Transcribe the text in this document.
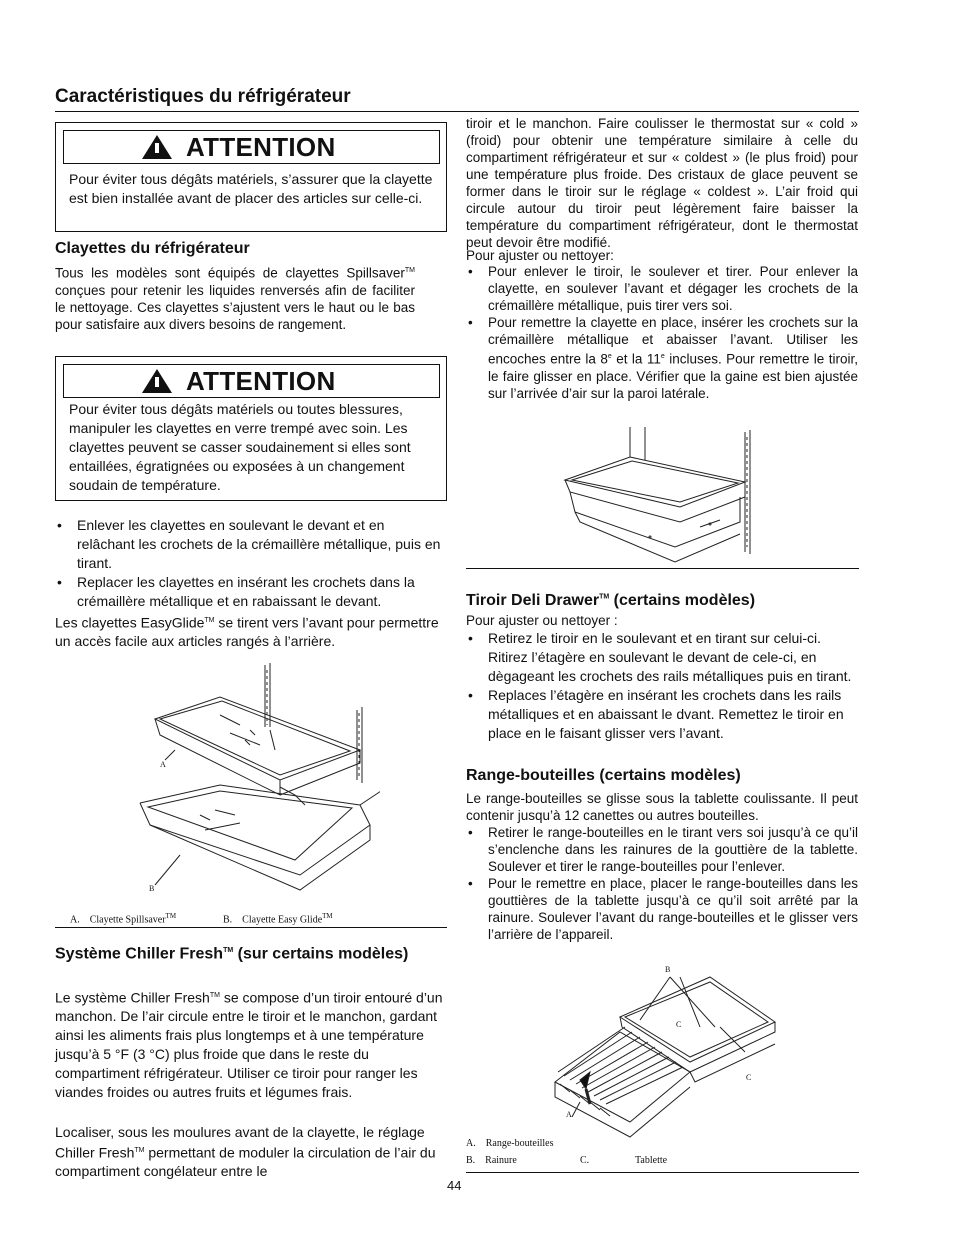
Caractéristiques du réfrigérateur
ATTENTION
Pour éviter tous dégâts matériels, s’assurer que la clayette est bien installée avant de placer des articles sur celle-ci.
Clayettes du réfrigérateur
Tous les modèles sont équipés de clayettes Spillsaver™ conçues pour retenir les liquides renversés afin de faciliter le nettoyage. Ces clayettes s’ajustent vers le haut ou le bas pour satisfaire aux divers besoins de rangement.
ATTENTION
Pour éviter tous dégâts matériels ou toutes blessures, manipuler les clayettes en verre trempé avec soin. Les clayettes peuvent se casser soudainement si elles sont entaillées, égratignées ou exposées à un changement soudain de température.
• Enlever les clayettes en soulevant le devant et en relâchant les crochets de la crémaillère métallique, puis en tirant.
• Replacer les clayettes en insérant les crochets dans la crémaillère métallique et en rabaissant le devant.
Les clayettes EasyGlide™ se tirent vers l’avant pour permettre un accès facile aux articles rangés à l’arrière.
A
B
A.    Clayette Spillsaver™	B.    Clayette Easy Glide™
Système Chiller Fresh™ (sur certains modèles)
Le système Chiller Fresh™ se compose d’un tiroir entouré d’un manchon. De l’air circule entre le tiroir et le manchon, gardant ainsi les aliments frais plus longtemps et à une température jusqu’à 5 °F (3 °C) plus froide que dans le reste du compartiment réfrigérateur. Utiliser ce tiroir pour ranger les viandes froides ou autres fruits et légumes frais.
Localiser, sous les moulures avant de la clayette, le réglage Chiller Fresh™ permettant de moduler la circulation de l’air du compartiment congélateur entre le
tiroir et le manchon. Faire coulisser le thermostat sur « cold » (froid) pour obtenir une température similaire à celle du compartiment réfrigérateur et sur « coldest » (le plus froid) pour une température plus froide. Des cristaux de glace peuvent se former dans le tiroir sur le réglage « coldest ». L’air froid qui circule autour du tiroir peut légèrement faire baisser la température du compartiment réfrigérateur, dont le thermostat peut devoir être modifié.
Pour ajuster ou nettoyer:
• Pour enlever le tiroir, le soulever et tirer. Pour enlever la clayette, en soulever l’avant et dégager les crochets de la crémaillère métallique, puis tirer vers soi.
• Pour remettre la clayette en place, insérer les crochets sur la crémaillère métallique et abaisser l’avant. Utiliser les encoches entre la 8e et la 11e incluses. Pour remettre le tiroir, le faire glisser en place. Vérifier que la gaine est bien ajustée sur l’arrivée d’air sur la paroi latérale.
Tiroir Deli Drawer™ (certains modèles)
Pour ajuster ou nettoyer :
• Retirez le tiroir en le soulevant et en tirant sur celui-ci. Ritirez l’étagère en soulevant le devant de cele-ci, en dègageant les crochets des rails métalliques puis en tirant.
• Replaces l’étagère en insérant les crochets dans les rails métalliques et en abaissant le dvant. Remettez le tiroir en place en le faisant glisser vers l’avant.
Range-bouteilles (certains modèles)
Le range-bouteilles se glisse sous la tablette coulissante. Il peut contenir jusqu’à 12 canettes ou autres bouteilles.
• Retirer le range-bouteilles en le tirant vers soi jusqu’à ce qu’il s’enclenche dans les rainures de la gouttière de la tablette. Soulever et tirer le range-bouteilles pour l’enlever.
• Pour le remettre en place, placer le range-bouteilles dans les gouttières de la tablette jusqu’à ce qu’il soit arrêté par la rainure. Soulever l’avant du range-bouteilles et le glisser vers l’arrière de l’appareil.
B
C
C
A
A.    Range-bouteilles
B.    Rainure	C.	Tablette
44
